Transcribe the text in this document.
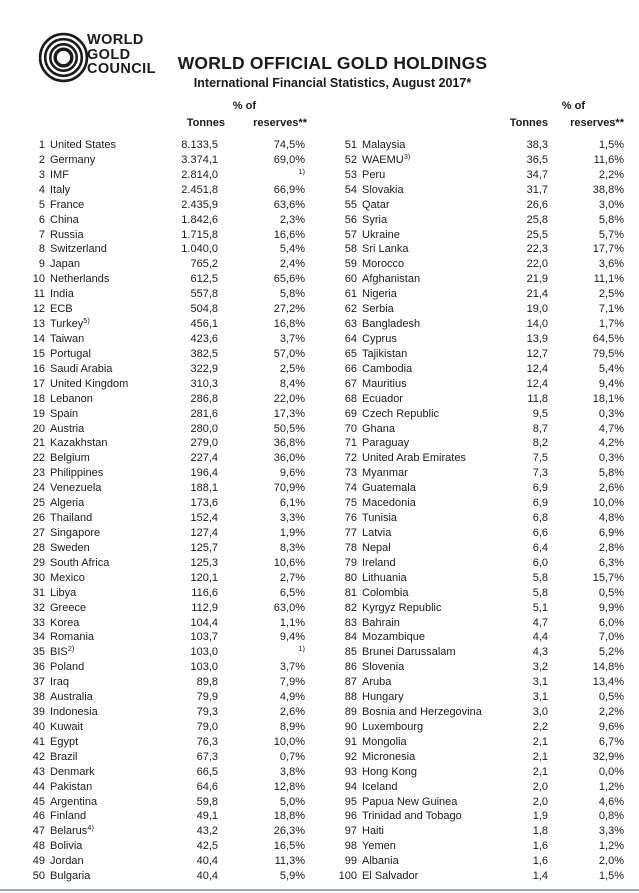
WORLD
GOLD
COUNCIL	WORLD OFFICIAL GOLD HOLDINGS
International Financial Statistics, August 2017*
% of
Tonnes	reserves**
% of
Tonnes	reserves**
1 United States	8.133,5	74,5%
2 Germany	3.374,1	69,0%
3 IMF	2.814,0	$^{1)}$
4 Italy	2.451,8	66,9%
5 France	2.435,9	63,6%
6 China	1.842,6	2,3%
7 Russia	1.715,8	16,6%
8 Switzerland	1.040,0	5,4%
9 Japan	765,2	2,4%
10 Netherlands	612,5	65,6%
11 India	557,8	5,8%
12 ECB	504,8	27,2%
13 Turkey$^{5)}$	456,1	16,8%
14 Taiwan	423,6	3,7%
15 Portugal	382,5	57,0%
16 Saudi Arabia	322,9	2,5%
17 United Kingdom	310,3	8,4%
18 Lebanon	286,8	22,0%
19 Spain	281,6	17,3%
20 Austria	280,0	50,5%
21 Kazakhstan	279,0	36,8%
22 Belgium	227,4	36,0%
23 Philippines	196,4	9,6%
24 Venezuela	188,1	70,9%
25 Algeria	173,6	6,1%
26 Thailand	152,4	3,3%
27 Singapore	127,4	1,9%
28 Sweden	125,7	8,3%
29 South Africa	125,3	10,6%
30 Mexico	120,1	2,7%
31 Libya	116,6	6,5%
32 Greece	112,9	63,0%
33 Korea	104,4	1,1%
34 Romania	103,7	9,4%
35 BIS$^{2)}$	103,0	$^{1)}$
36 Poland	103,0	3,7%
37 Iraq	89,8	7,9%
38 Australia	79,9	4,9%
39 Indonesia	79,3	2,6%
40 Kuwait	79,0	8,9%
41 Egypt	76,3	10,0%
42 Brazil	67,3	0,7%
43 Denmark	66,5	3,8%
44 Pakistan	64,6	12,8%
45 Argentina	59,8	5,0%
46 Finland	49,1	18,8%
47 Belarus$^{4)}$	43,2	26,3%
48 Bolivia	42,5	16,5%
49 Jordan	40,4	11,3%
50 Bulgaria	40,4	5,9%
51 Malaysia	38,3	1,5%
52 WAEMU$^{3)}$	36,5	11,6%
53 Peru	34,7	2,2%
54 Slovakia	31,7	38,8%
55 Qatar	26,6	3,0%
56 Syria	25,8	5,8%
57 Ukraine	25,5	5,7%
58 Sri Lanka	22,3	17,7%
59 Morocco	22,0	3,6%
60 Afghanistan	21,9	11,1%
61 Nigeria	21,4	2,5%
62 Serbia	19,0	7,1%
63 Bangladesh	14,0	1,7%
64 Cyprus	13,9	64,5%
65 Tajikistan	12,7	79,5%
66 Cambodia	12,4	5,4%
67 Mauritius	12,4	9,4%
68 Ecuador	11,8	18,1%
69 Czech Republic	9,5	0,3%
70 Ghana	8,7	4,7%
71 Paraguay	8,2	4,2%
72 United Arab Emirates	7,5	0,3%
73 Myanmar	7,3	5,8%
74 Guatemala	6,9	2,6%
75 Macedonia	6,9	10,0%
76 Tunisia	6,8	4,8%
77 Latvia	6,6	6,9%
78 Nepal	6,4	2,8%
79 Ireland	6,0	6,3%
80 Lithuania	5,8	15,7%
81 Colombia	5,8	0,5%
82 Kyrgyz Republic	5,1	9,9%
83 Bahrain	4,7	6,0%
84 Mozambique	4,4	7,0%
85 Brunei Darussalam	4,3	5,2%
86 Slovenia	3,2	14,8%
87 Aruba	3,1	13,4%
88 Hungary	3,1	0,5%
89 Bosnia and Herzegovina	3,0	2,2%
90 Luxembourg	2,2	9,6%
91 Mongolia	2,1	6,7%
92 Micronesia	2,1	32,9%
93 Hong Kong	2,1	0,0%
94 Iceland	2,0	1,2%
95 Papua New Guinea	2,0	4,6%
96 Trinidad and Tobago	1,9	0,8%
97 Haiti	1,8	3,3%
98 Yemen	1,6	1,2%
99 Albania	1,6	2,0%
100 El Salvador	1,4	1,5%
